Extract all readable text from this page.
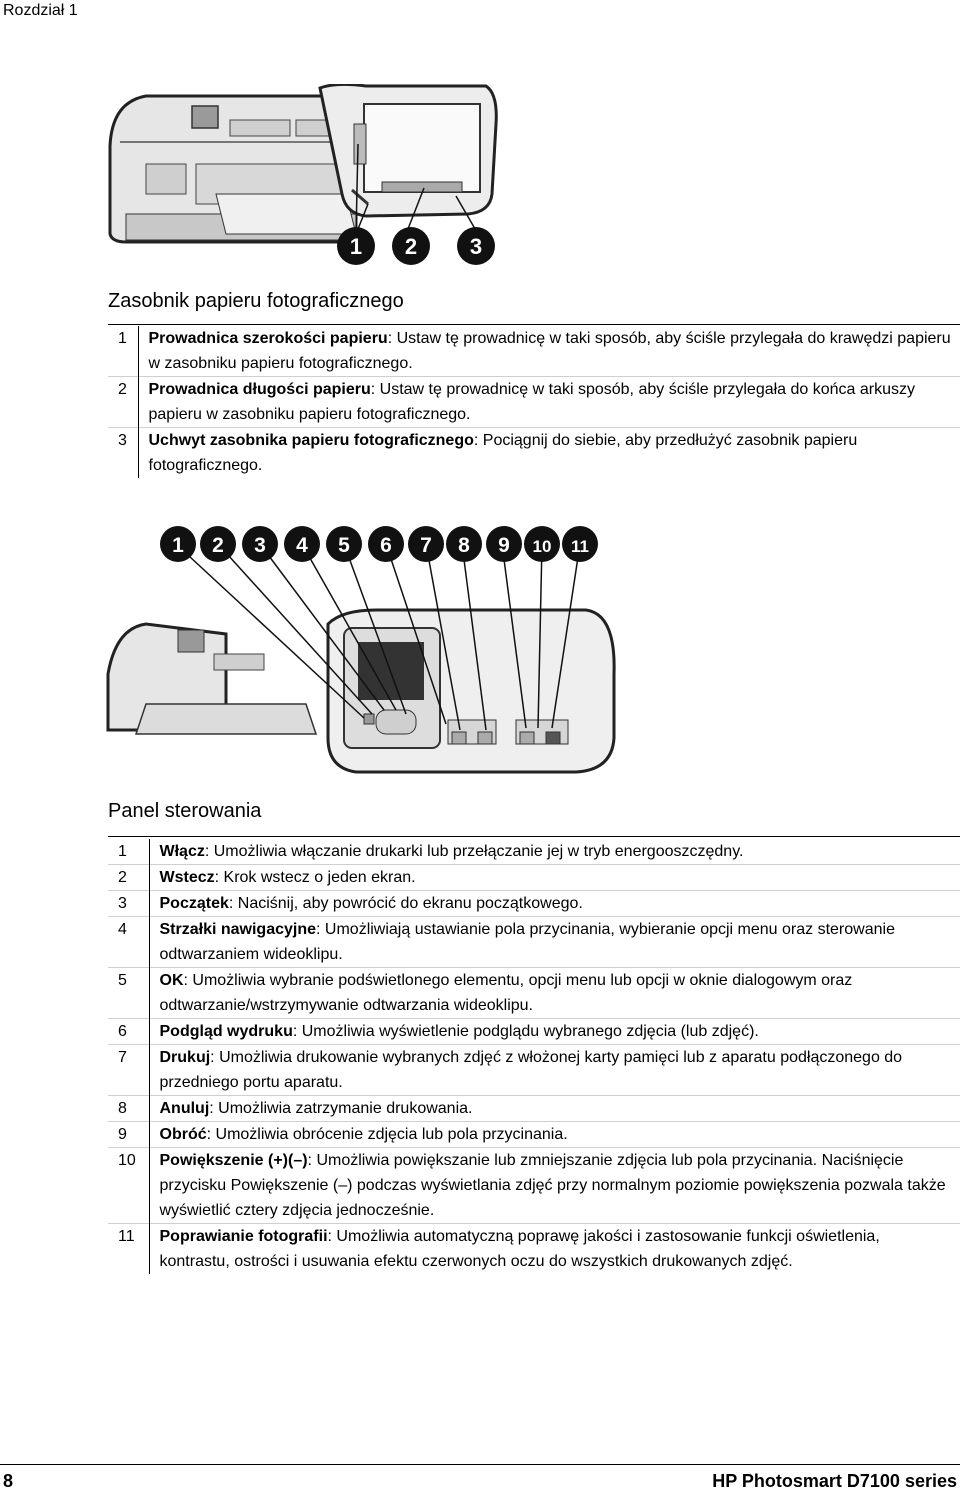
Rozdział 1
1 2 3
Zasobnik papieru fotograficznego
1	Prowadnica szerokości papieru: Ustaw tę prowadnicę w taki sposób, aby ściśle przylegała do krawędzi papieru w zasobniku papieru fotograficznego.
2	Prowadnica długości papieru: Ustaw tę prowadnicę w taki sposób, aby ściśle przylegała do końca arkuszy papieru w zasobniku papieru fotograficznego.
3	Uchwyt zasobnika papieru fotograficznego: Pociągnij do siebie, aby przedłużyć zasobnik papieru fotograficznego.
1 2 3 4 5 6 7 8 9 10 11
Panel sterowania
1	Włącz: Umożliwia włączanie drukarki lub przełączanie jej w tryb energooszczędny.
2	Wstecz: Krok wstecz o jeden ekran.
3	Początek: Naciśnij, aby powrócić do ekranu początkowego.
4	Strzałki nawigacyjne: Umożliwiają ustawianie pola przycinania, wybieranie opcji menu oraz sterowanie odtwarzaniem wideoklipu.
5	OK: Umożliwia wybranie podświetlonego elementu, opcji menu lub opcji w oknie dialogowym oraz odtwarzanie/wstrzymywanie odtwarzania wideoklipu.
6	Podgląd wydruku: Umożliwia wyświetlenie podglądu wybranego zdjęcia (lub zdjęć).
7	Drukuj: Umożliwia drukowanie wybranych zdjęć z włożonej karty pamięci lub z aparatu podłączonego do przedniego portu aparatu.
8	Anuluj: Umożliwia zatrzymanie drukowania.
9	Obróć: Umożliwia obrócenie zdjęcia lub pola przycinania.
10	Powiększenie (+)(–): Umożliwia powiększanie lub zmniejszanie zdjęcia lub pola przycinania. Naciśnięcie przycisku Powiększenie (–) podczas wyświetlania zdjęć przy normalnym poziomie powiększenia pozwala także wyświetlić cztery zdjęcia jednocześnie.
11	Poprawianie fotografii: Umożliwia automatyczną poprawę jakości i zastosowanie funkcji oświetlenia, kontrastu, ostrości i usuwania efektu czerwonych oczu do wszystkich drukowanych zdjęć.
8	HP Photosmart D7100 series
